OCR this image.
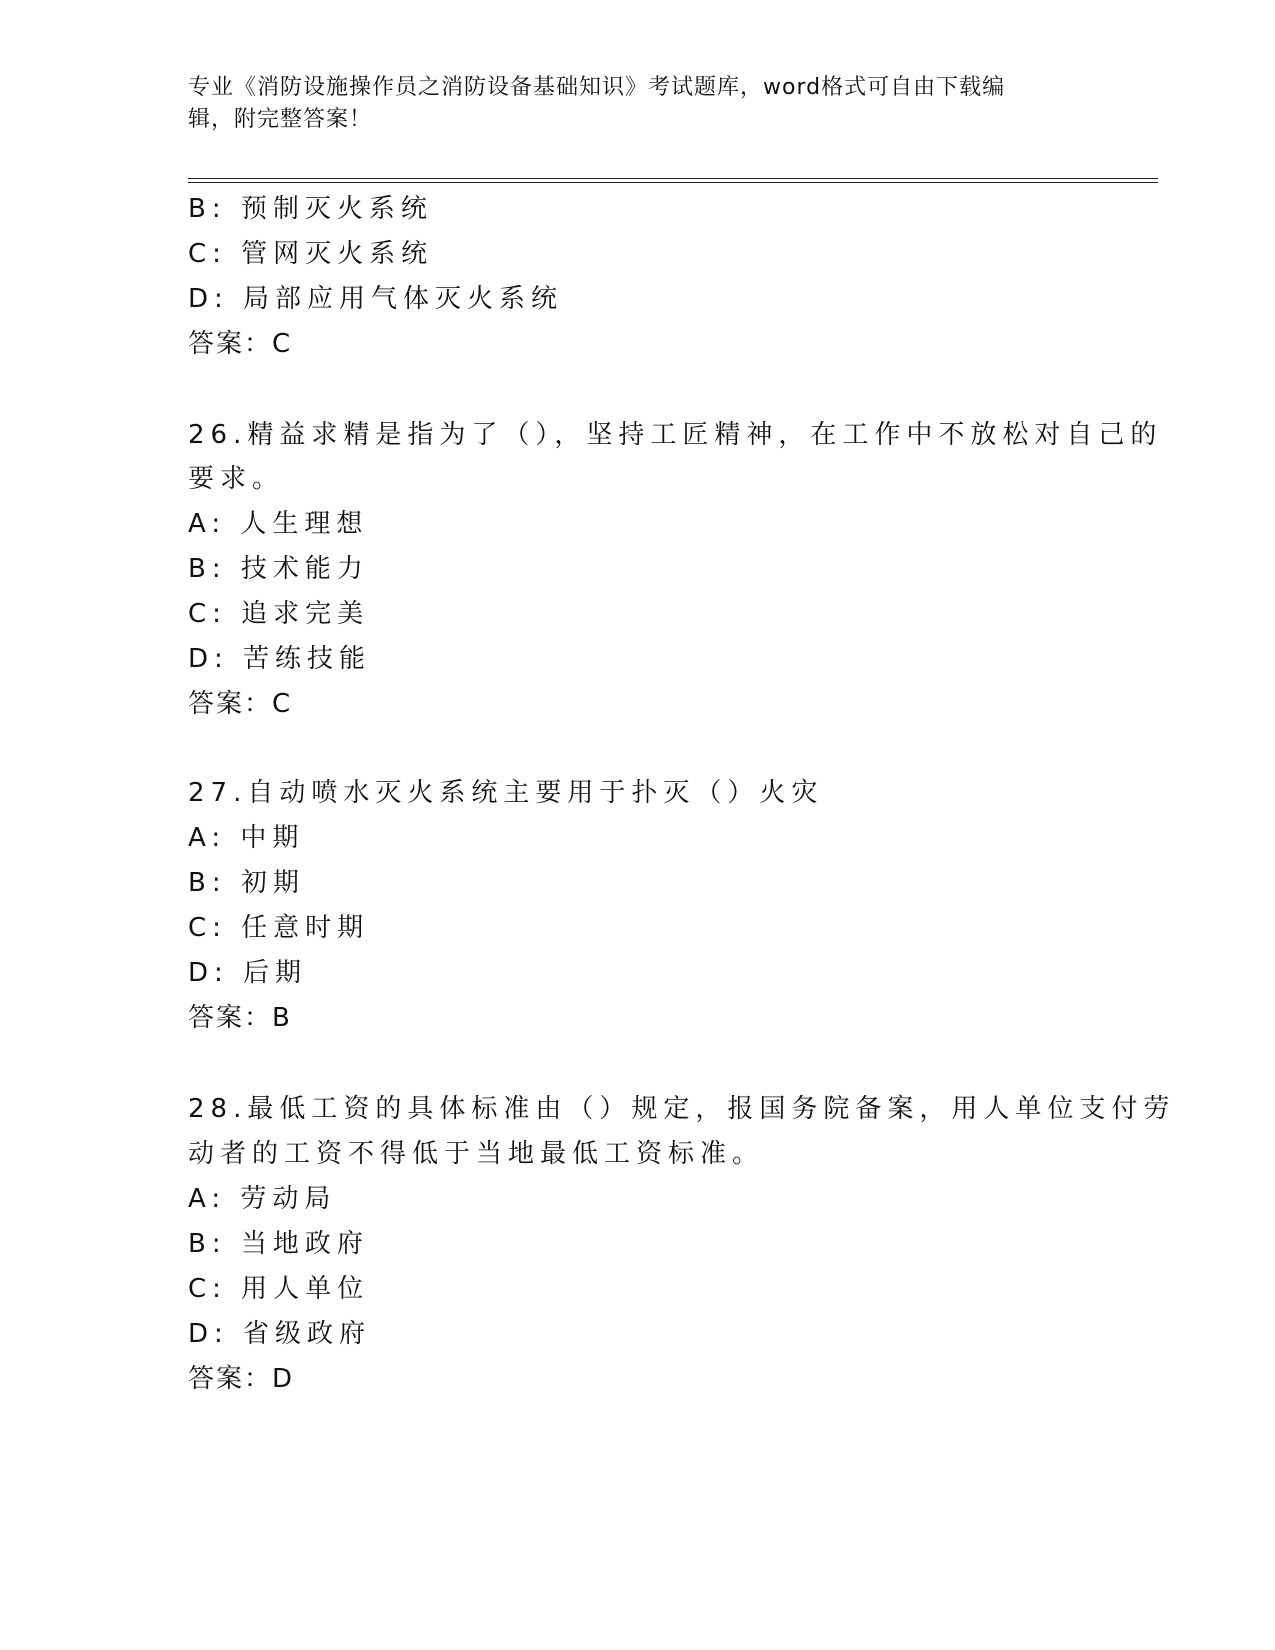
专业《消防设施操作员之消防设备基础知识》考试题库，word格式可自由下载编
辑，附完整答案！
B: 预制灭火系统
C: 管网灭火系统
D: 局部应用气体灭火系统
答案：C
26.精益求精是指为了（），坚持工匠精神，在工作中不放松对自己的
要求。
A: 人生理想
B: 技术能力
C: 追求完美
D: 苦练技能
答案：C
27.自动喷水灭火系统主要用于扑灭（）火灾
A: 中期
B: 初期
C: 任意时期
D: 后期
答案：B
28.最低工资的具体标准由（）规定，报国务院备案，用人单位支付劳
动者的工资不得低于当地最低工资标准。
A: 劳动局
B: 当地政府
C: 用人单位
D: 省级政府
答案：D
